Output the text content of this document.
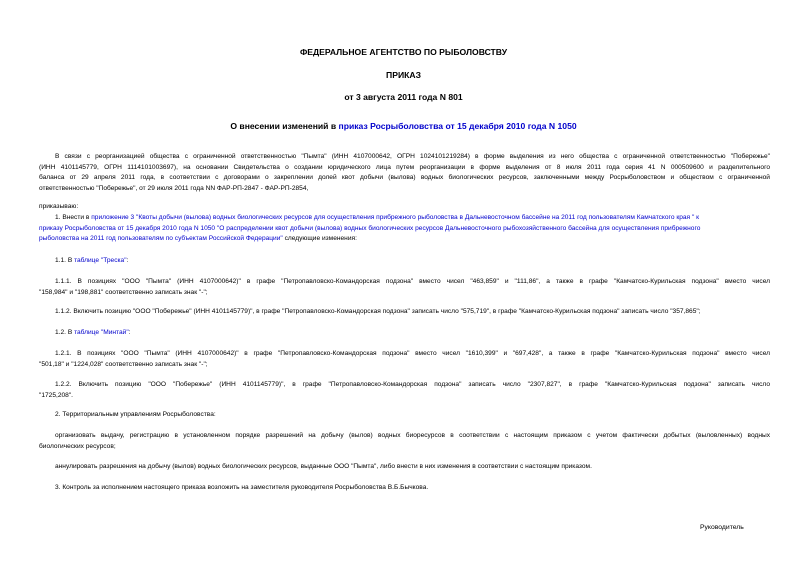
ФЕДЕРАЛЬНОЕ АГЕНТСТВО ПО РЫБОЛОВСТВУ
ПРИКАЗ
от 3 августа 2011 года N 801
О внесении изменений в приказ Росрыболовства от 15 декабря 2010 года N 1050
В связи с реорганизацией общества с ограниченной ответственностью "Пымта" (ИНН 4107000642, ОГРН 1024101219284) в форме выделения из него общества с ограниченной ответственностью "Побережье"
(ИНН 4101145779, ОГРН 1114101003697), на основании Свидетельства о создании юридического лица путем реорганизации в форме выделения от 8 июля 2011 года серия 41 N 000509600 и разделительного
баланса от 29 апреля 2011 года, в соответствии с договорами о закреплении долей квот добычи (вылова) водных биологических ресурсов, заключенными между Росрыболовством и обществом с ограниченной
ответственностью "Побережье", от 29 июля 2011 года NN ФАР-РП-2847 - ФАР-РП-2854,
приказываю:
1. Внести в приложение 3 "Квоты добычи (вылова) водных биологических ресурсов для осуществления прибрежного рыболовства в Дальневосточном бассейне на 2011 год пользователям Камчатского края " к
приказу Росрыболовства от 15 декабря 2010 года N 1050 "О распределении квот добычи (вылова) водных биологических ресурсов Дальневосточного рыбохозяйственного бассейна для осуществления прибрежного
рыболовства на 2011 год пользователям по субъектам Российской Федерации" следующие изменения:
1.1. В таблице "Треска":
1.1.1. В позициях "ООО "Пымта" (ИНН 4107000642)" в графе "Петропавловско-Командорская подзона" вместо чисел "463,859" и "111,86", а также в графе "Камчатско-Курильская подзона" вместо чисел
"158,984" и "198,881" соответственно записать знак "-";
1.1.2. Включить позицию "ООО "Побережье" (ИНН 4101145779)", в графе "Петропавловско-Командорская подзона" записать число "575,719", в графе "Камчатско-Курильская подзона" записать число "357,865";
1.2. В таблице "Минтай":
1.2.1. В позициях "ООО "Пымта" (ИНН 4107000642)" в графе "Петропавловско-Командорская подзона" вместо чисел "1610,399" и "697,428", а также в графе "Камчатско-Курильская подзона" вместо чисел
"501,18" и "1224,028" соответственно записать знак "-";
1.2.2. Включить позицию "ООО "Побережье" (ИНН 4101145779)", в графе "Петропавловско-Командорская подзона" записать число "2307,827", в графе "Камчатско-Курильская подзона" записать число
"1725,208".
2. Территориальным управлениям Росрыболовства:
организовать выдачу, регистрацию в установленном порядке разрешений на добычу (вылов) водных биоресурсов в соответствии с настоящим приказом с учетом фактически добытых (выловленных) водных
биологических ресурсов;
аннулировать разрешения на добычу (вылов) водных биологических ресурсов, выданные ООО "Пымта", либо внести в них изменения в соответствии с настоящим приказом.
3. Контроль за исполнением настоящего приказа возложить на заместителя руководителя Росрыболовства В.Б.Бычкова.
Руководитель
